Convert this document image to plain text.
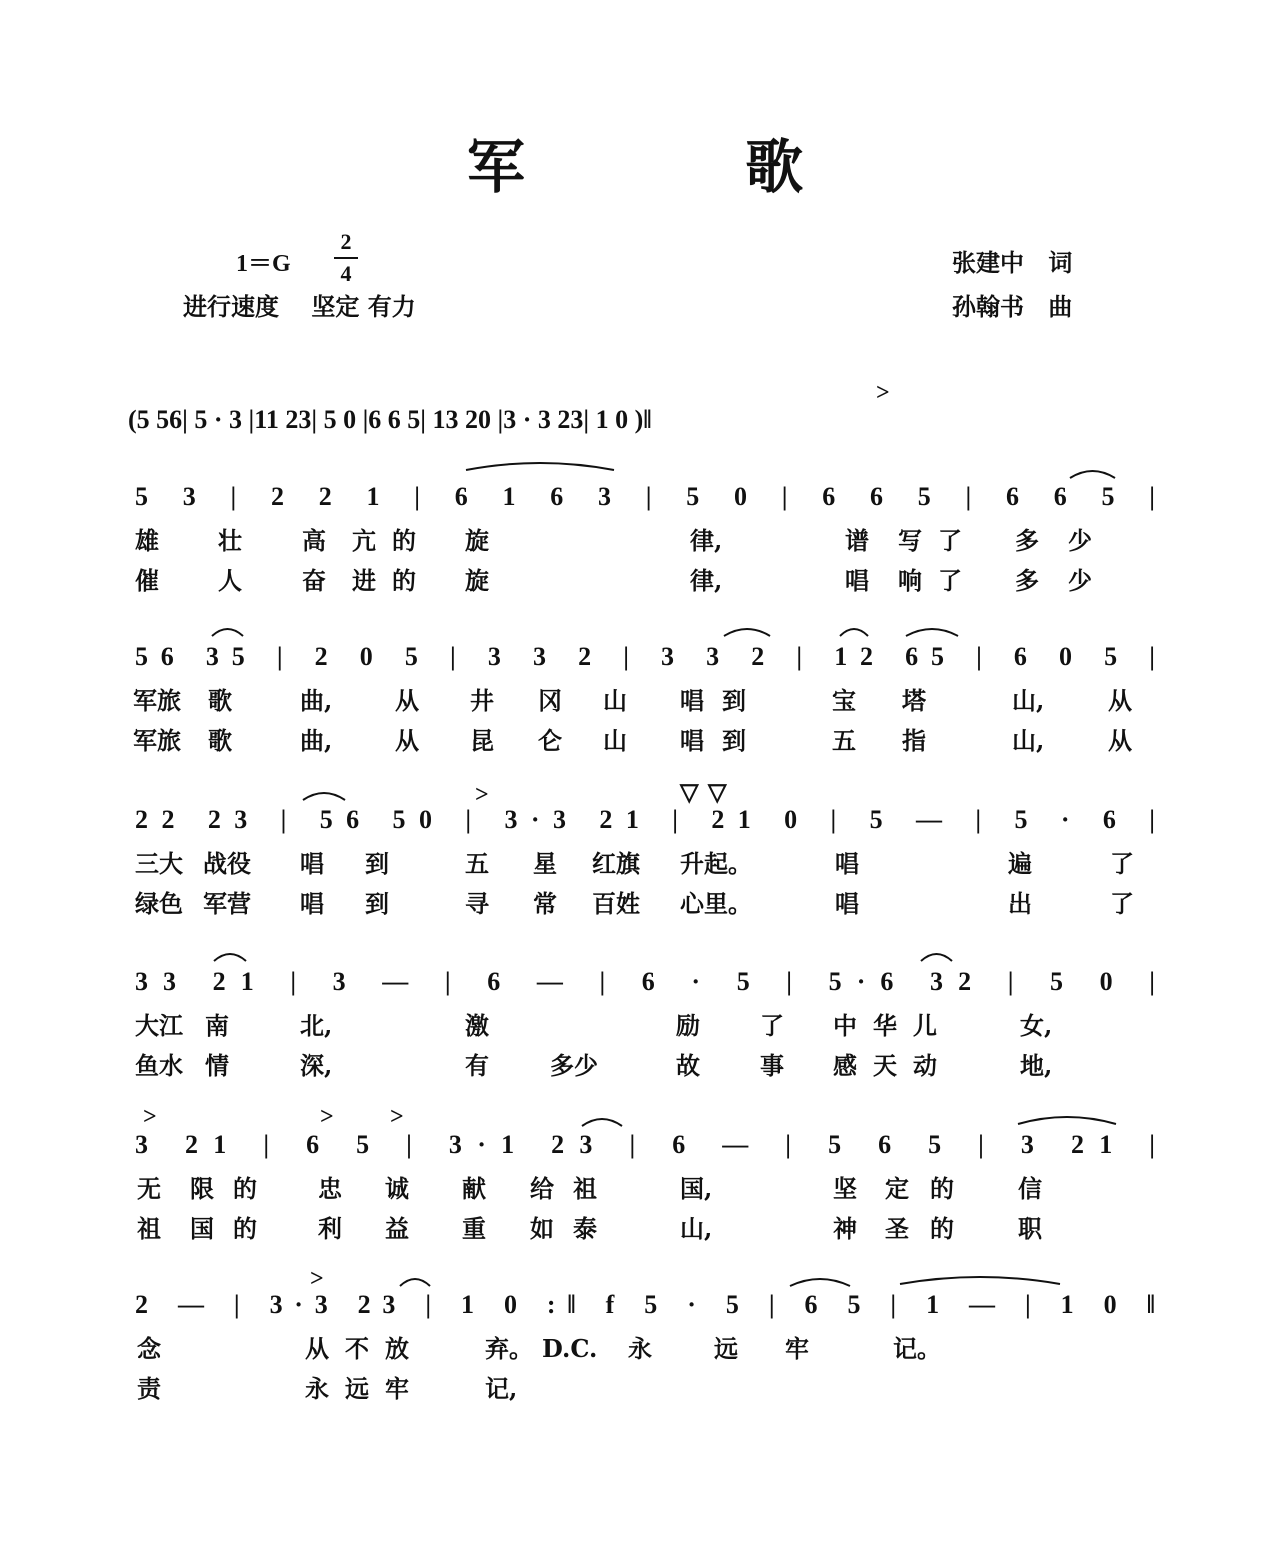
军 歌
1＝G
2
4
进行速度 坚定 有力
张建中 词
孙翰书 曲
(5 56| 5 · 3 |11 23| 5 0 |6 6 5| 13 20 |3 · 3 23| 1 0 )‖
5 3 | 2 2 1 | 6 1 6 3 | 5 0 | 6 6 5 | 6 6 5 |
雄 壮	高 亢 的 旋	律,	谱 写 了 多 少
催 人	奋 进 的 旋	律,	唱 响 了 多 少
56 35 | 2 0 5 | 3 3 2 | 3 3 2 | 12 65 | 6 0 5 |
军旅 歌	曲,	从 井 冈 山 唱 到	宝 塔	山,	从
军旅 歌	曲,	从 昆 仑 山 唱 到	五 指	山,	从
22 23 | 56 50 | 3·3 21 | 21 0 | 5 — | 5 · 6 |
三大 战役 唱 到	五 星 红旗 升起。	唱	遍	了
绿色 军营 唱 到	寻 常 百姓 心里。	唱	出	了
33 21 | 3 — | 6 — | 6 · 5 | 5·6 32 | 5 0 |
大江 南	北,	激	励	了 中 华 儿	女,
鱼水 情	深,	有	多少	故	事 感 天 动	地,
3 21 | 6 5 | 3·1 23 | 6 — | 5 6 5 | 3 21 |
无 限 的	忠 诚 献 给 祖	国,	坚 定 的	信
祖 国 的	利 益 重 如 泰	山,	神 圣 的	职
2 — | 3·3 23 | 1 0 :‖ f 5 · 5 | 6 5 | 1 — | 1 0 ‖
念	从 不 放	弃。 D.C. 永	远 牢	记。
责	永 远 牢	记,
>
>
>	> >
>
▽ ▽
